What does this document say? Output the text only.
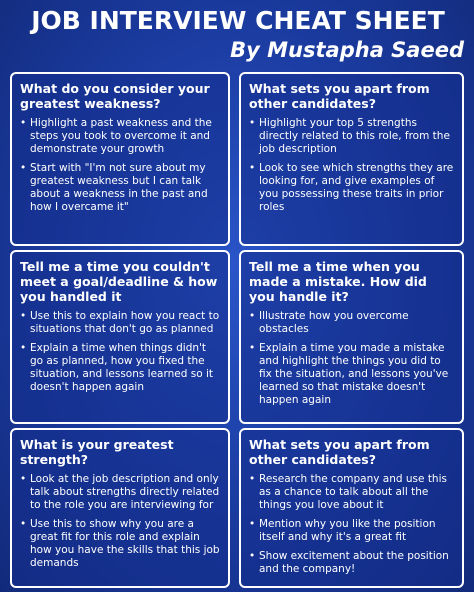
JOB INTERVIEW CHEAT SHEET
By Mustapha Saeed
What do you consider your greatest weakness?
• Highlight a past weakness and the steps you took to overcome it and demonstrate your growth
• Start with "I'm not sure about my greatest weakness but I can talk about a weakness in the past and how I overcame it"
What sets you apart from other candidates?
• Highlight your top 5 strengths directly related to this role, from the job description
• Look to see which strengths they are looking for, and give examples of you possessing these traits in prior roles
Tell me a time you couldn't meet a goal/deadline & how you handled it
• Use this to explain how you react to situations that don't go as planned
• Explain a time when things didn't go as planned, how you fixed the situation, and lessons learned so it doesn't happen again
Tell me a time when you made a mistake. How did you handle it?
• Illustrate how you overcome obstacles
• Explain a time you made a mistake and highlight the things you did to fix the situation, and lessons you've learned so that mistake doesn't happen again
What is your greatest strength?
• Look at the job description and only talk about strengths directly related to the role you are interviewing for
• Use this to show why you are a great fit for this role and explain how you have the skills that this job demands
What sets you apart from other candidates?
• Research the company and use this as a chance to talk about all the things you love about it
• Mention why you like the position itself and why it's a great fit
• Show excitement about the position and the company!
